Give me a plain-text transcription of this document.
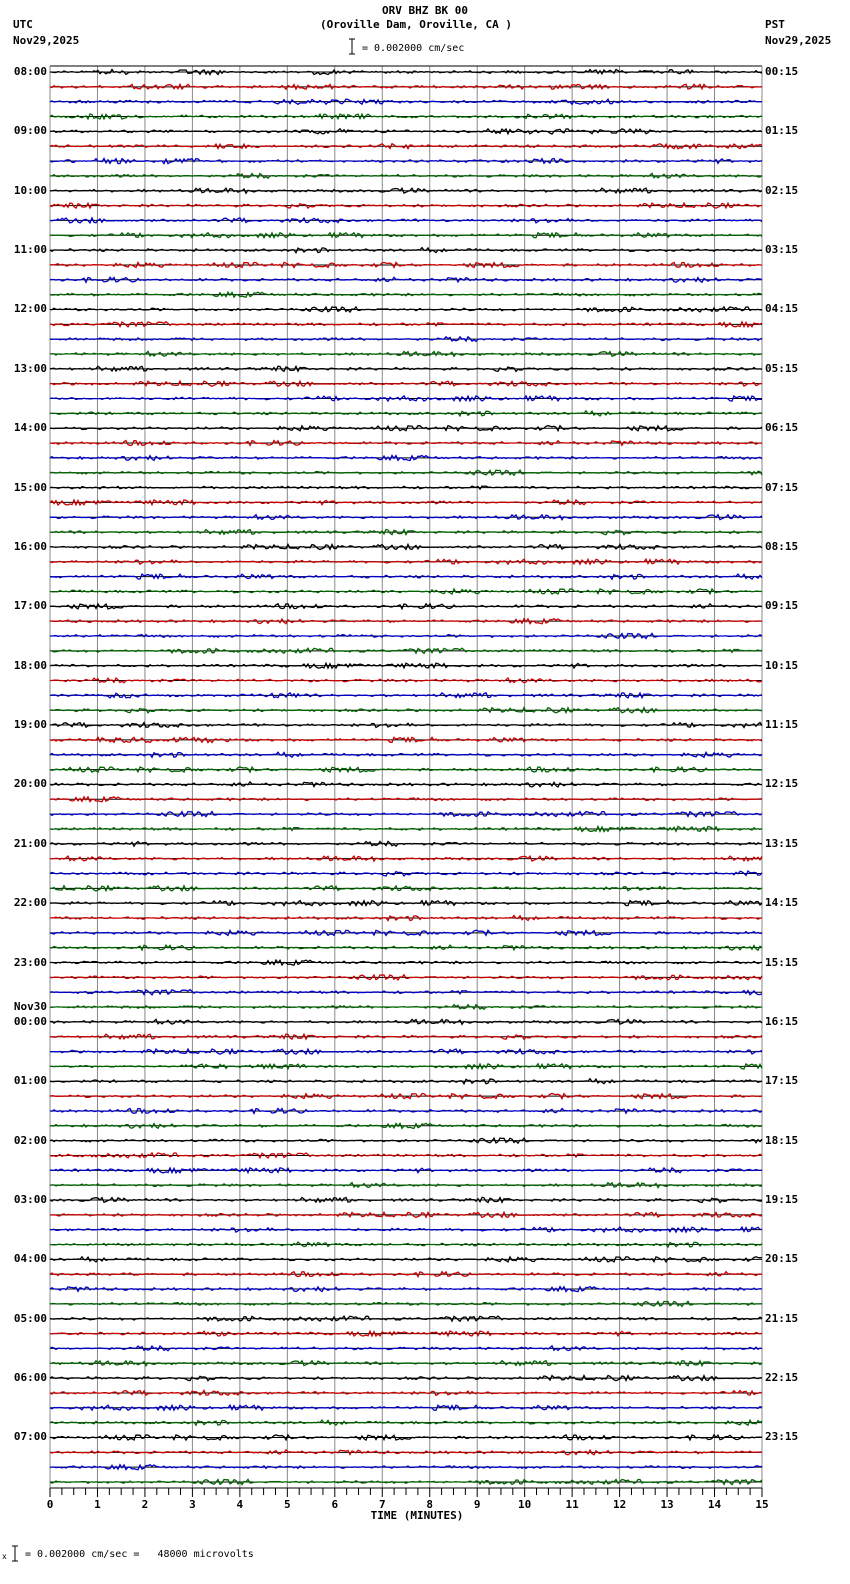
ORV BHZ BK 00
(Oroville Dam, Oroville, CA )
UTC
Nov29,2025
PST
Nov29,2025
= 0.002000 cm/sec
08:00
09:00
10:00
11:00
12:00
13:00
14:00
15:00
16:00
17:00
18:00
19:00
20:00
21:00
22:00
23:00
00:00
Nov30
01:00
02:00
03:00
04:00
05:00
06:00
07:00
00:15
01:15
02:15
03:15
04:15
05:15
06:15
07:15
08:15
09:15
10:15
11:15
12:15
13:15
14:15
15:15
16:15
17:15
18:15
19:15
20:15
21:15
22:15
23:15
0	1	2	3	4	5	6	7	8	9	10	11	12	13	14	15
TIME (MINUTES)
x = 0.002000 cm/sec =   48000 microvolts
